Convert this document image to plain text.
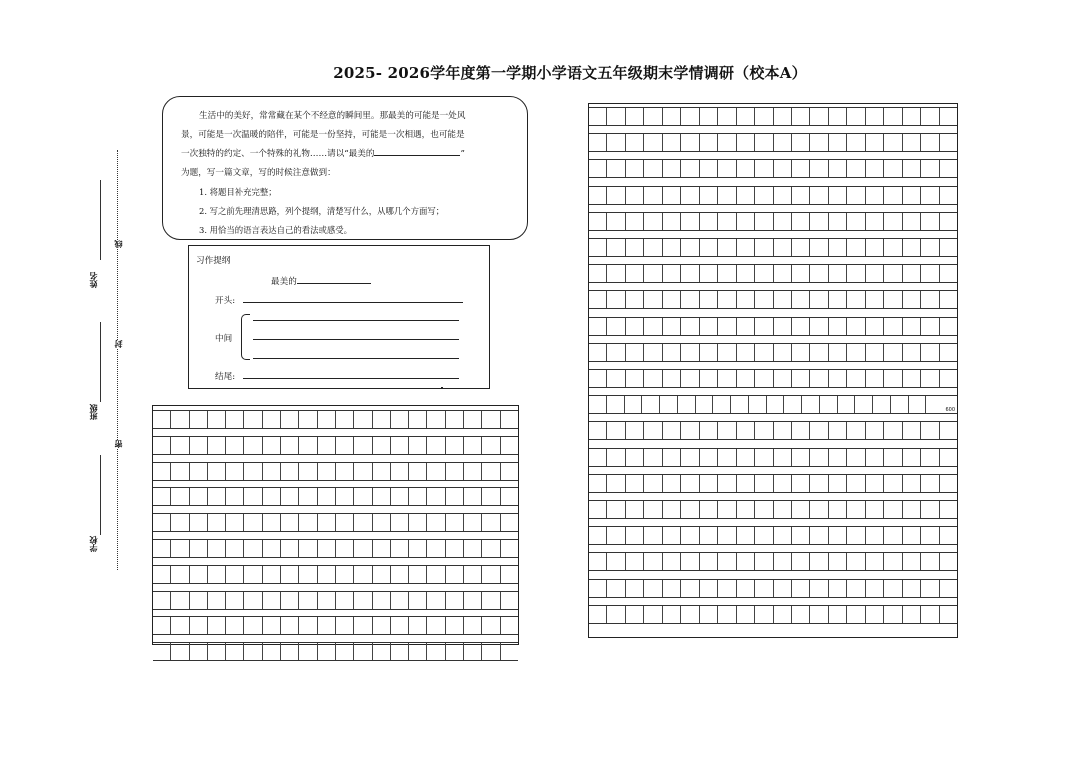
2025- 2026学年度第一学期小学语文五年级期末学情调研（校本A）
姓名
班级
学校
线
封
密
生活中的美好，常常藏在某个不经意的瞬间里。那最美的可能是一处风
景，可能是一次温暖的陪伴，可能是一份坚持，可能是一次相遇，也可能是
一次独特的约定、一个特殊的礼物……请以“最美的	”
为题，写一篇文章，写的时候注意做到：
1. 将题目补充完整；
2. 写之前先理清思路，列个提纲，清楚写什么，从哪几个方面写；
3. 用恰当的语言表达自己的看法或感受。
习作提纲
最美的
开头:
中间
结尾:
600
